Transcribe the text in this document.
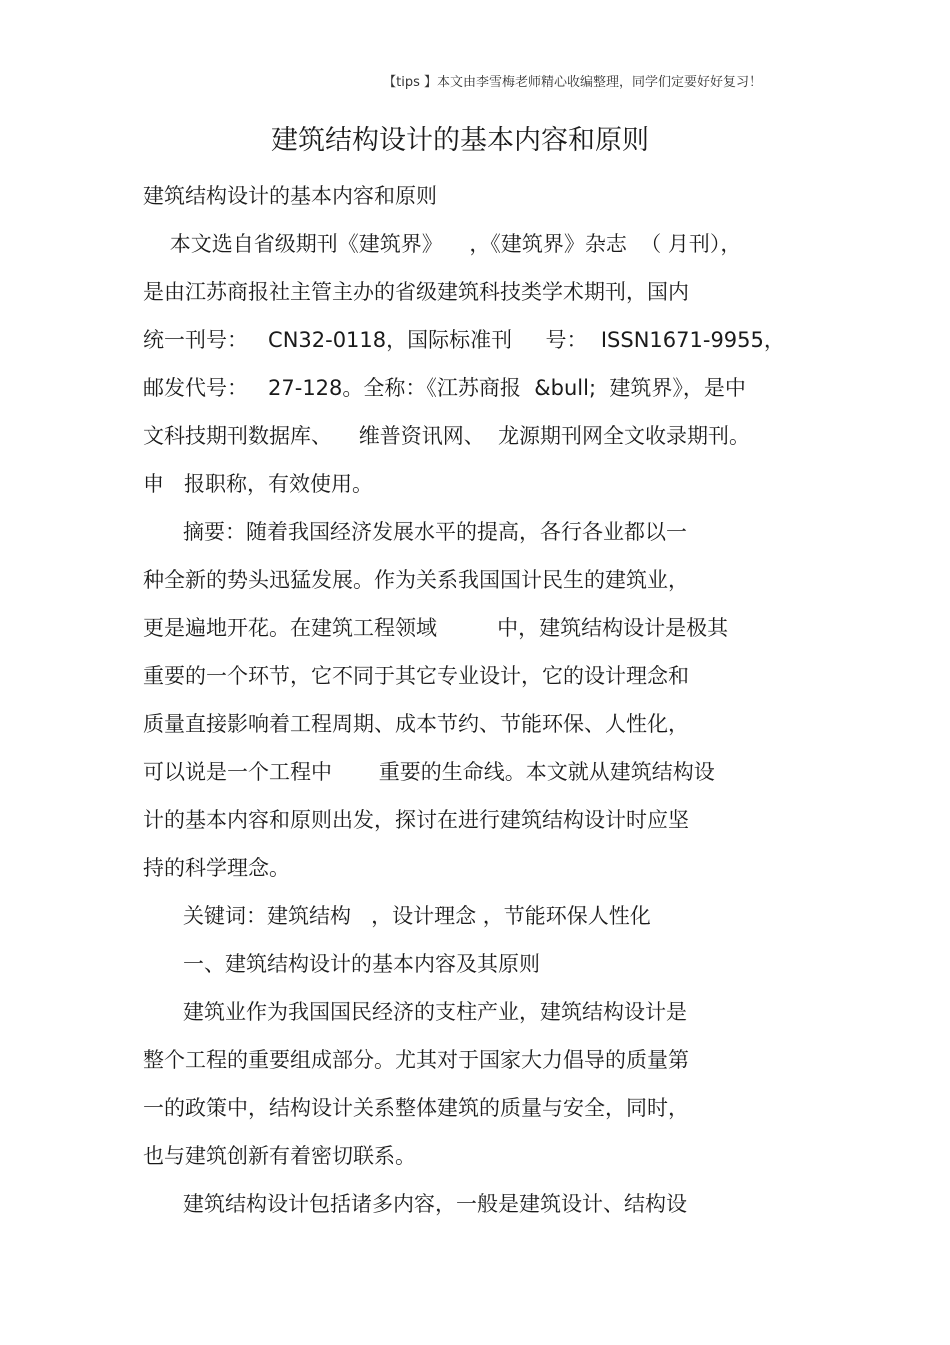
【tips 】本文由李雪梅老师精心收编整理，同学们定要好好复习！
建筑结构设计的基本内容和原则
建筑结构设计的基本内容和原则
本文选自省级期刊《建筑界》    ，《建筑界》杂志  （ 月刊），
是由江苏商报社主管主办的省级建筑科技类学术期刊，国内
统一刊号：   CN32-0118，国际标准刊     号：  ISSN1671-9955，
邮发代号：   27-128。全称：《江苏商报  &bull;  建筑界》，是中
文科技期刊数据库、    维普资讯网、  龙源期刊网全文收录期刊。
申   报职称，有效使用。
摘要：随着我国经济发展水平的提高，各行各业都以一
种全新的势头迅猛发展。作为关系我国国计民生的建筑业，
更是遍地开花。在建筑工程领域         中，建筑结构设计是极其
重要的一个环节，它不同于其它专业设计，它的设计理念和
质量直接影响着工程周期、成本节约、节能环保、人性化，
可以说是一个工程中       重要的生命线。本文就从建筑结构设
计的基本内容和原则出发，探讨在进行建筑结构设计时应坚
持的科学理念。
关键词：建筑结构   ，设计理念 ，节能环保人性化
一、建筑结构设计的基本内容及其原则
建筑业作为我国国民经济的支柱产业，建筑结构设计是
整个工程的重要组成部分。尤其对于国家大力倡导的质量第
一的政策中，结构设计关系整体建筑的质量与安全，同时，
也与建筑创新有着密切联系。
建筑结构设计包括诸多内容，一般是建筑设计、结构设
